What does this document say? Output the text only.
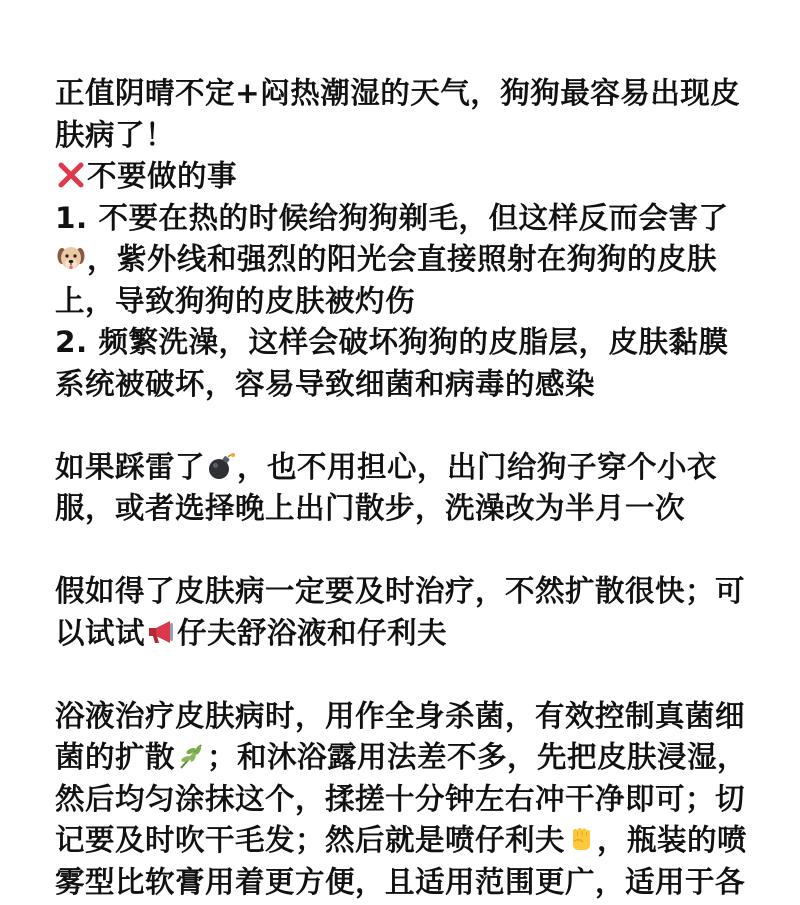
正值阴晴不定+闷热潮湿的天气，狗狗最容易出现皮
肤病了！
不要做的事
1. 不要在热的时候给狗狗剃毛，但这样反而会害了
，紫外线和强烈的阳光会直接照射在狗狗的皮肤
上，导致狗狗的皮肤被灼伤
2. 频繁洗澡，这样会破坏狗狗的皮脂层，皮肤黏膜
系统被破坏，容易导致细菌和病毒的感染
如果踩雷了 ，也不用担心，出门给狗子穿个小衣
服，或者选择晚上出门散步，洗澡改为半月一次
假如得了皮肤病一定要及时治疗，不然扩散很快；可
以试试 仔夫舒浴液和仔利夫
浴液治疗皮肤病时，用作全身杀菌，有效控制真菌细
菌的扩散 ；和沐浴露用法差不多，先把皮肤浸湿，
然后均匀涂抹这个，揉搓十分钟左右冲干净即可；切
记要及时吹干毛发；然后就是喷仔利夫 ，瓶装的喷
雾型比软膏用着更方便，且适用范围更广，适用于各
